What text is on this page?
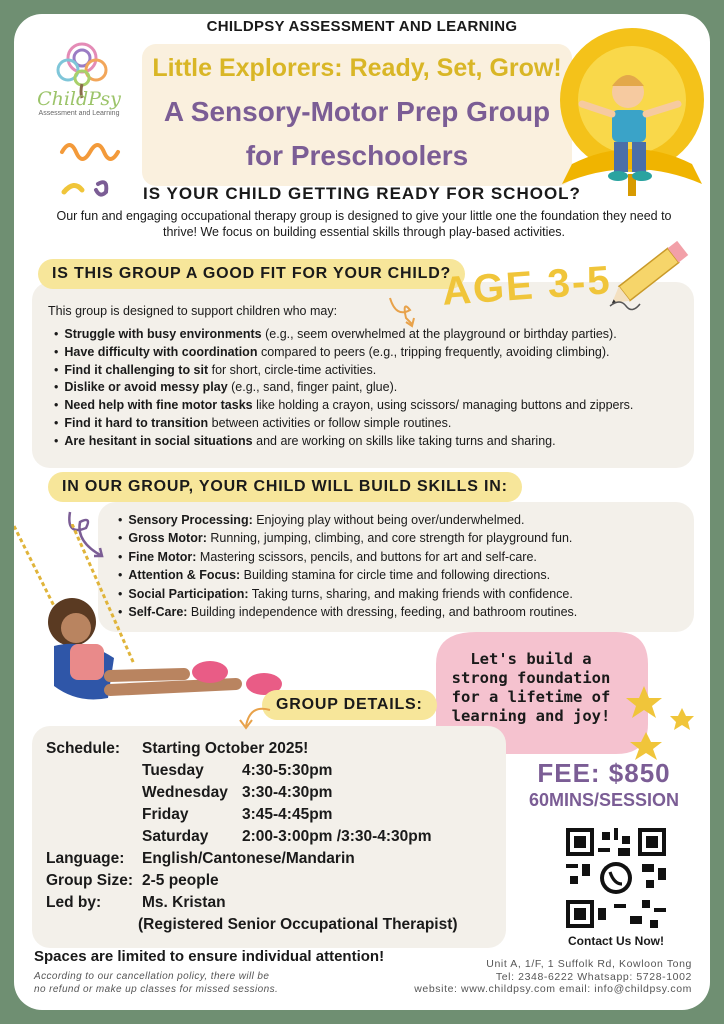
CHILDPSY ASSESSMENT AND LEARNING
ChildPsy
Assessment and Learning
Little Explorers: Ready, Set, Grow!
A Sensory-Motor Prep Group
for Preschoolers
IS YOUR CHILD GETTING READY FOR SCHOOL?
Our fun and engaging occupational therapy group is designed to give your little one the foundation they need to thrive! We focus on building essential skills through play-based activities.
IS THIS GROUP A GOOD FIT FOR YOUR CHILD?
AGE 3-5
This group is designed to support children who may:
• Struggle with busy environments (e.g., seem overwhelmed at the playground or birthday parties).
• Have difficulty with coordination compared to peers (e.g., tripping frequently, avoiding climbing).
• Find it challenging to sit for short, circle-time activities.
• Dislike or avoid messy play (e.g., sand, finger paint, glue).
• Need help with fine motor tasks like holding a crayon, using scissors/ managing buttons and zippers.
• Find it hard to transition between activities or follow simple routines.
• Are hesitant in social situations and are working on skills like taking turns and sharing.
IN OUR GROUP, YOUR CHILD WILL BUILD SKILLS IN:
• Sensory Processing: Enjoying play without being over/underwhelmed.
• Gross Motor: Running, jumping, climbing, and core strength for playground fun.
• Fine Motor: Mastering scissors, pencils, and buttons for art and self-care.
• Attention & Focus: Building stamina for circle time and following directions.
• Social Participation: Taking turns, sharing, and making friends with confidence.
• Self-Care: Building independence with dressing, feeding, and bathroom routines.
Let's build a
strong foundation
for a lifetime of
learning and joy!
GROUP DETAILS:
Schedule: Starting October 2025!
Tuesday 4:30-5:30pm
Wednesday 3:30-4:30pm
Friday	3:45-4:45pm
Saturday 2:00-3:00pm /3:30-4:30pm
Language: English/Cantonese/Mandarin
Group Size: 2-5 people
Led by:	Ms. Kristan
(Registered Senior Occupational Therapist)
FEE: $850
60MINS/SESSION
Contact Us Now!
Spaces are limited to ensure individual attention!
According to our cancellation policy, there will be
no refund or make up classes for missed sessions.
Unit A, 1/F, 1 Suffolk Rd, Kowloon Tong
Tel: 2348-6222 Whatsapp: 5728-1002
website: www.childpsy.com email: info@childpsy.com
